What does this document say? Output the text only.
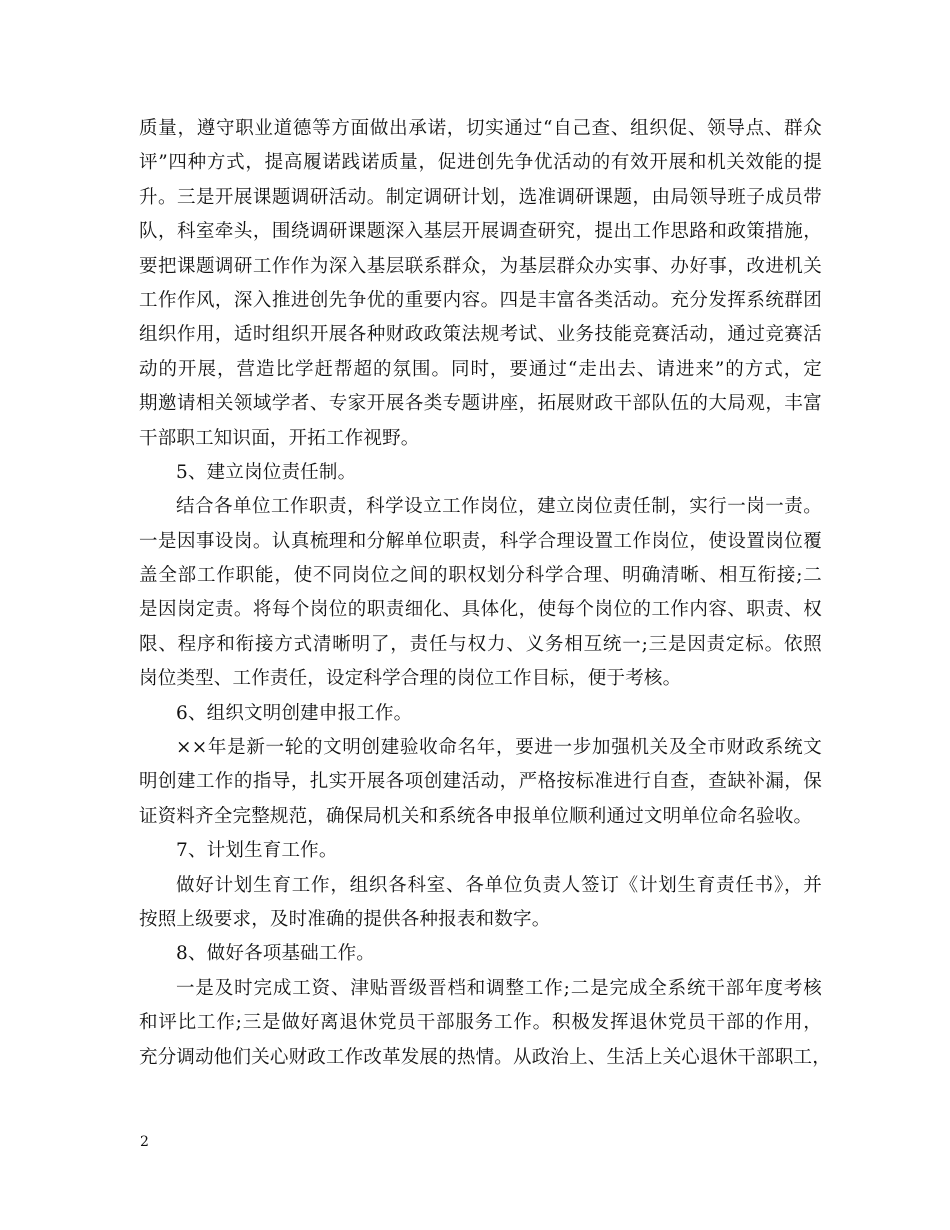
质量，遵守职业道德等方面做出承诺，切实通过“自己查、组织促、领导点、群众
评”四种方式，提高履诺践诺质量，促进创先争优活动的有效开展和机关效能的提
升。三是开展课题调研活动。制定调研计划，选准调研课题，由局领导班子成员带
队，科室牵头，围绕调研课题深入基层开展调查研究，提出工作思路和政策措施，
要把课题调研工作作为深入基层联系群众，为基层群众办实事、办好事，改进机关
工作作风，深入推进创先争优的重要内容。四是丰富各类活动。充分发挥系统群团
组织作用，适时组织开展各种财政政策法规考试、业务技能竞赛活动，通过竞赛活
动的开展，营造比学赶帮超的氛围。同时，要通过“走出去、请进来”的方式，定
期邀请相关领域学者、专家开展各类专题讲座，拓展财政干部队伍的大局观，丰富
干部职工知识面，开拓工作视野。
5、建立岗位责任制。
结合各单位工作职责，科学设立工作岗位，建立岗位责任制，实行一岗一责。
一是因事设岗。认真梳理和分解单位职责，科学合理设置工作岗位，使设置岗位覆
盖全部工作职能，使不同岗位之间的职权划分科学合理、明确清晰、相互衔接;二
是因岗定责。将每个岗位的职责细化、具体化，使每个岗位的工作内容、职责、权
限、程序和衔接方式清晰明了，责任与权力、义务相互统一;三是因责定标。依照
岗位类型、工作责任，设定科学合理的岗位工作目标，便于考核。
6、组织文明创建申报工作。
××年是新一轮的文明创建验收命名年，要进一步加强机关及全市财政系统文
明创建工作的指导，扎实开展各项创建活动，严格按标准进行自查，查缺补漏，保
证资料齐全完整规范，确保局机关和系统各申报单位顺利通过文明单位命名验收。
7、计划生育工作。
做好计划生育工作，组织各科室、各单位负责人签订《计划生育责任书》，并
按照上级要求，及时准确的提供各种报表和数字。
8、做好各项基础工作。
一是及时完成工资、津贴晋级晋档和调整工作;二是完成全系统干部年度考核
和评比工作;三是做好离退休党员干部服务工作。积极发挥退休党员干部的作用，
充分调动他们关心财政工作改革发展的热情。从政治上、生活上关心退休干部职工，
2
